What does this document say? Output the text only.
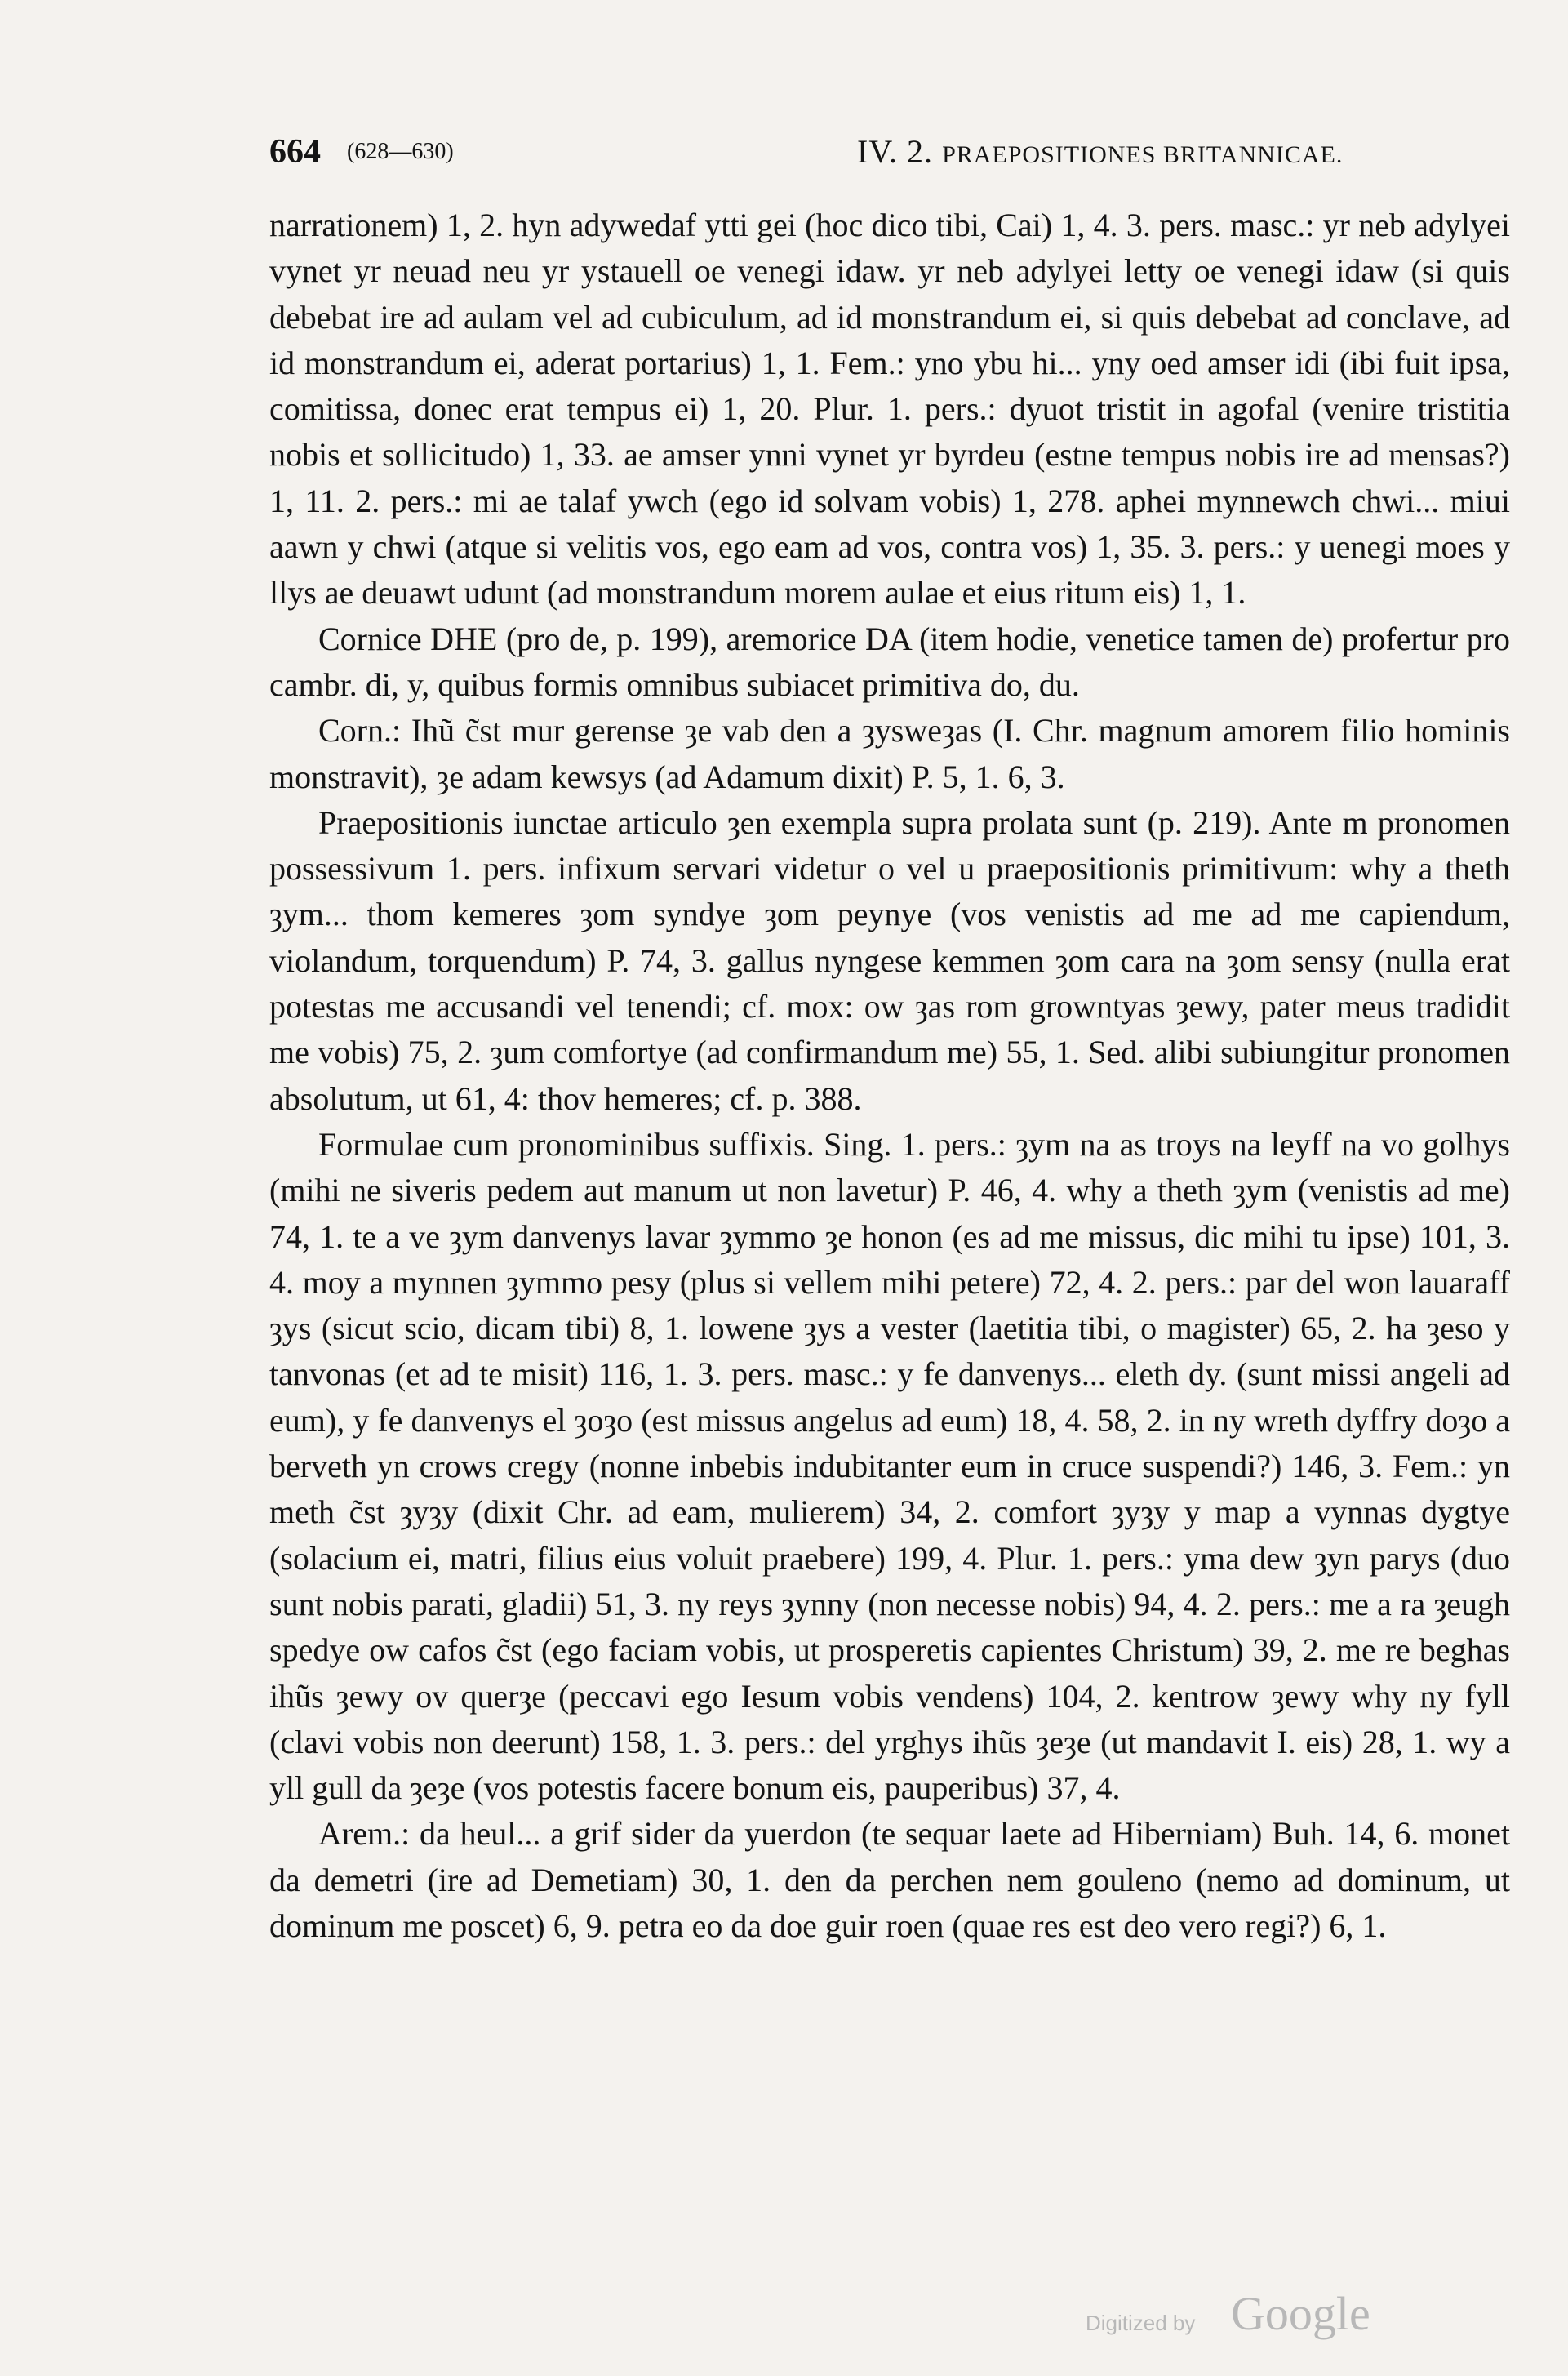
664 (628—630)	IV. 2. PRAEPOSITIONES BRITANNICAE.

narrationem) 1, 2. hyn adywedaf ytti gei (hoc dico tibi, Cai) 1, 4. 3. pers. masc.: yr neb adylyei vynet yr neuad neu yr ystauell oe venegi idaw. yr neb adylyei letty oe venegi idaw (si quis debebat ire ad aulam vel ad cubiculum, ad id monstrandum ei, si quis debebat ad conclave, ad id monstrandum ei, aderat portarius) 1, 1. Fem.: yno ybu hi... yny oed amser idi (ibi fuit ipsa, comitissa, donec erat tempus ei) 1, 20. Plur. 1. pers.: dyuot tristit in agofal (venire tristitia nobis et sollicitudo) 1, 33. ae amser ynni vynet yr byrdeu (estne tempus nobis ire ad mensas?) 1, 11. 2. pers.: mi ae talaf ywch (ego id solvam vobis) 1, 278. aphei mynnewch chwi... miui aawn y chwi (atque si velitis vos, ego eam ad vos, contra vos) 1, 35. 3. pers.: y uenegi moes y llys ae deuawt udunt (ad monstrandum morem aulae et eius ritum eis) 1, 1.

Cornice DHE (pro de, p. 199), aremorice DA (item hodie, venetice tamen de) profertur pro cambr. di, y, quibus formis omnibus subiacet primitiva do, du.

Corn.: Ihũ c̃st mur gerense ȝe vab den a ȝysweȝas (I. Chr. magnum amorem filio hominis monstravit), ȝe adam kewsys (ad Adamum dixit) P. 5, 1. 6, 3.

Praepositionis iunctae articulo ȝen exempla supra prolata sunt (p. 219). Ante m pronomen possessivum 1. pers. infixum servari videtur o vel u praepositionis primitivum: why a theth ȝym... thom kemeres ȝom syndye ȝom peynye (vos venistis ad me ad me capiendum, violandum, torquendum) P. 74, 3. gallus nyngese kemmen ȝom cara na ȝom sensy (nulla erat potestas me accusandi vel tenendi; cf. mox: ow ȝas rom growntyas ȝewy, pater meus tradidit me vobis) 75, 2. ȝum comfortye (ad confirmandum me) 55, 1. Sed. alibi subiungitur pronomen absolutum, ut 61, 4: thov hemeres; cf. p. 388.

Formulae cum pronominibus suffixis. Sing. 1. pers.: ȝym na as troys na leyff na vo golhys (mihi ne siveris pedem aut manum ut non lavetur) P. 46, 4. why a theth ȝym (venistis ad me) 74, 1. te a ve ȝym danvenys lavar ȝymmo ȝe honon (es ad me missus, dic mihi tu ipse) 101, 3. 4. moy a mynnen ȝymmo pesy (plus si vellem mihi petere) 72, 4. 2. pers.: par del won lauaraff ȝys (sicut scio, dicam tibi) 8, 1. lowene ȝys a vester (laetitia tibi, o magister) 65, 2. ha ȝeso y tanvonas (et ad te misit) 116, 1. 3. pers. masc.: y fe danvenys... eleth dy. (sunt missi angeli ad eum), y fe danvenys el ȝoȝo (est missus angelus ad eum) 18, 4. 58, 2. in ny wreth dyffry doȝo a berveth yn crows cregy (nonne inbebis indubitanter eum in cruce suspendi?) 146, 3. Fem.: yn meth c̃st ȝyȝy (dixit Chr. ad eam, mulierem) 34, 2. comfort ȝyȝy y map a vynnas dygtye (solacium ei, matri, filius eius voluit praebere) 199, 4. Plur. 1. pers.: yma dew ȝyn parys (duo sunt nobis parati, gladii) 51, 3. ny reys ȝynny (non necesse nobis) 94, 4. 2. pers.: me a ra ȝeugh spedye ow cafos c̃st (ego faciam vobis, ut prosperetis capientes Christum) 39, 2. me re beghas ihũs ȝewy ov querȝe (peccavi ego Iesum vobis vendens) 104, 2. kentrow ȝewy why ny fyll (clavi vobis non deerunt) 158, 1. 3. pers.: del yrghys ihũs ȝeȝe (ut mandavit I. eis) 28, 1. wy a yll gull da ȝeȝe (vos potestis facere bonum eis, pauperibus) 37, 4.

Arem.: da heul... a grif sider da yuerdon (te sequar laete ad Hiberniam) Buh. 14, 6. monet da demetri (ire ad Demetiam) 30, 1. den da perchen nem gouleno (nemo ad dominum, ut dominum me poscet) 6, 9. petra eo da doe guir roen (quae res est deo vero regi?) 6, 1.

Digitized by Google
